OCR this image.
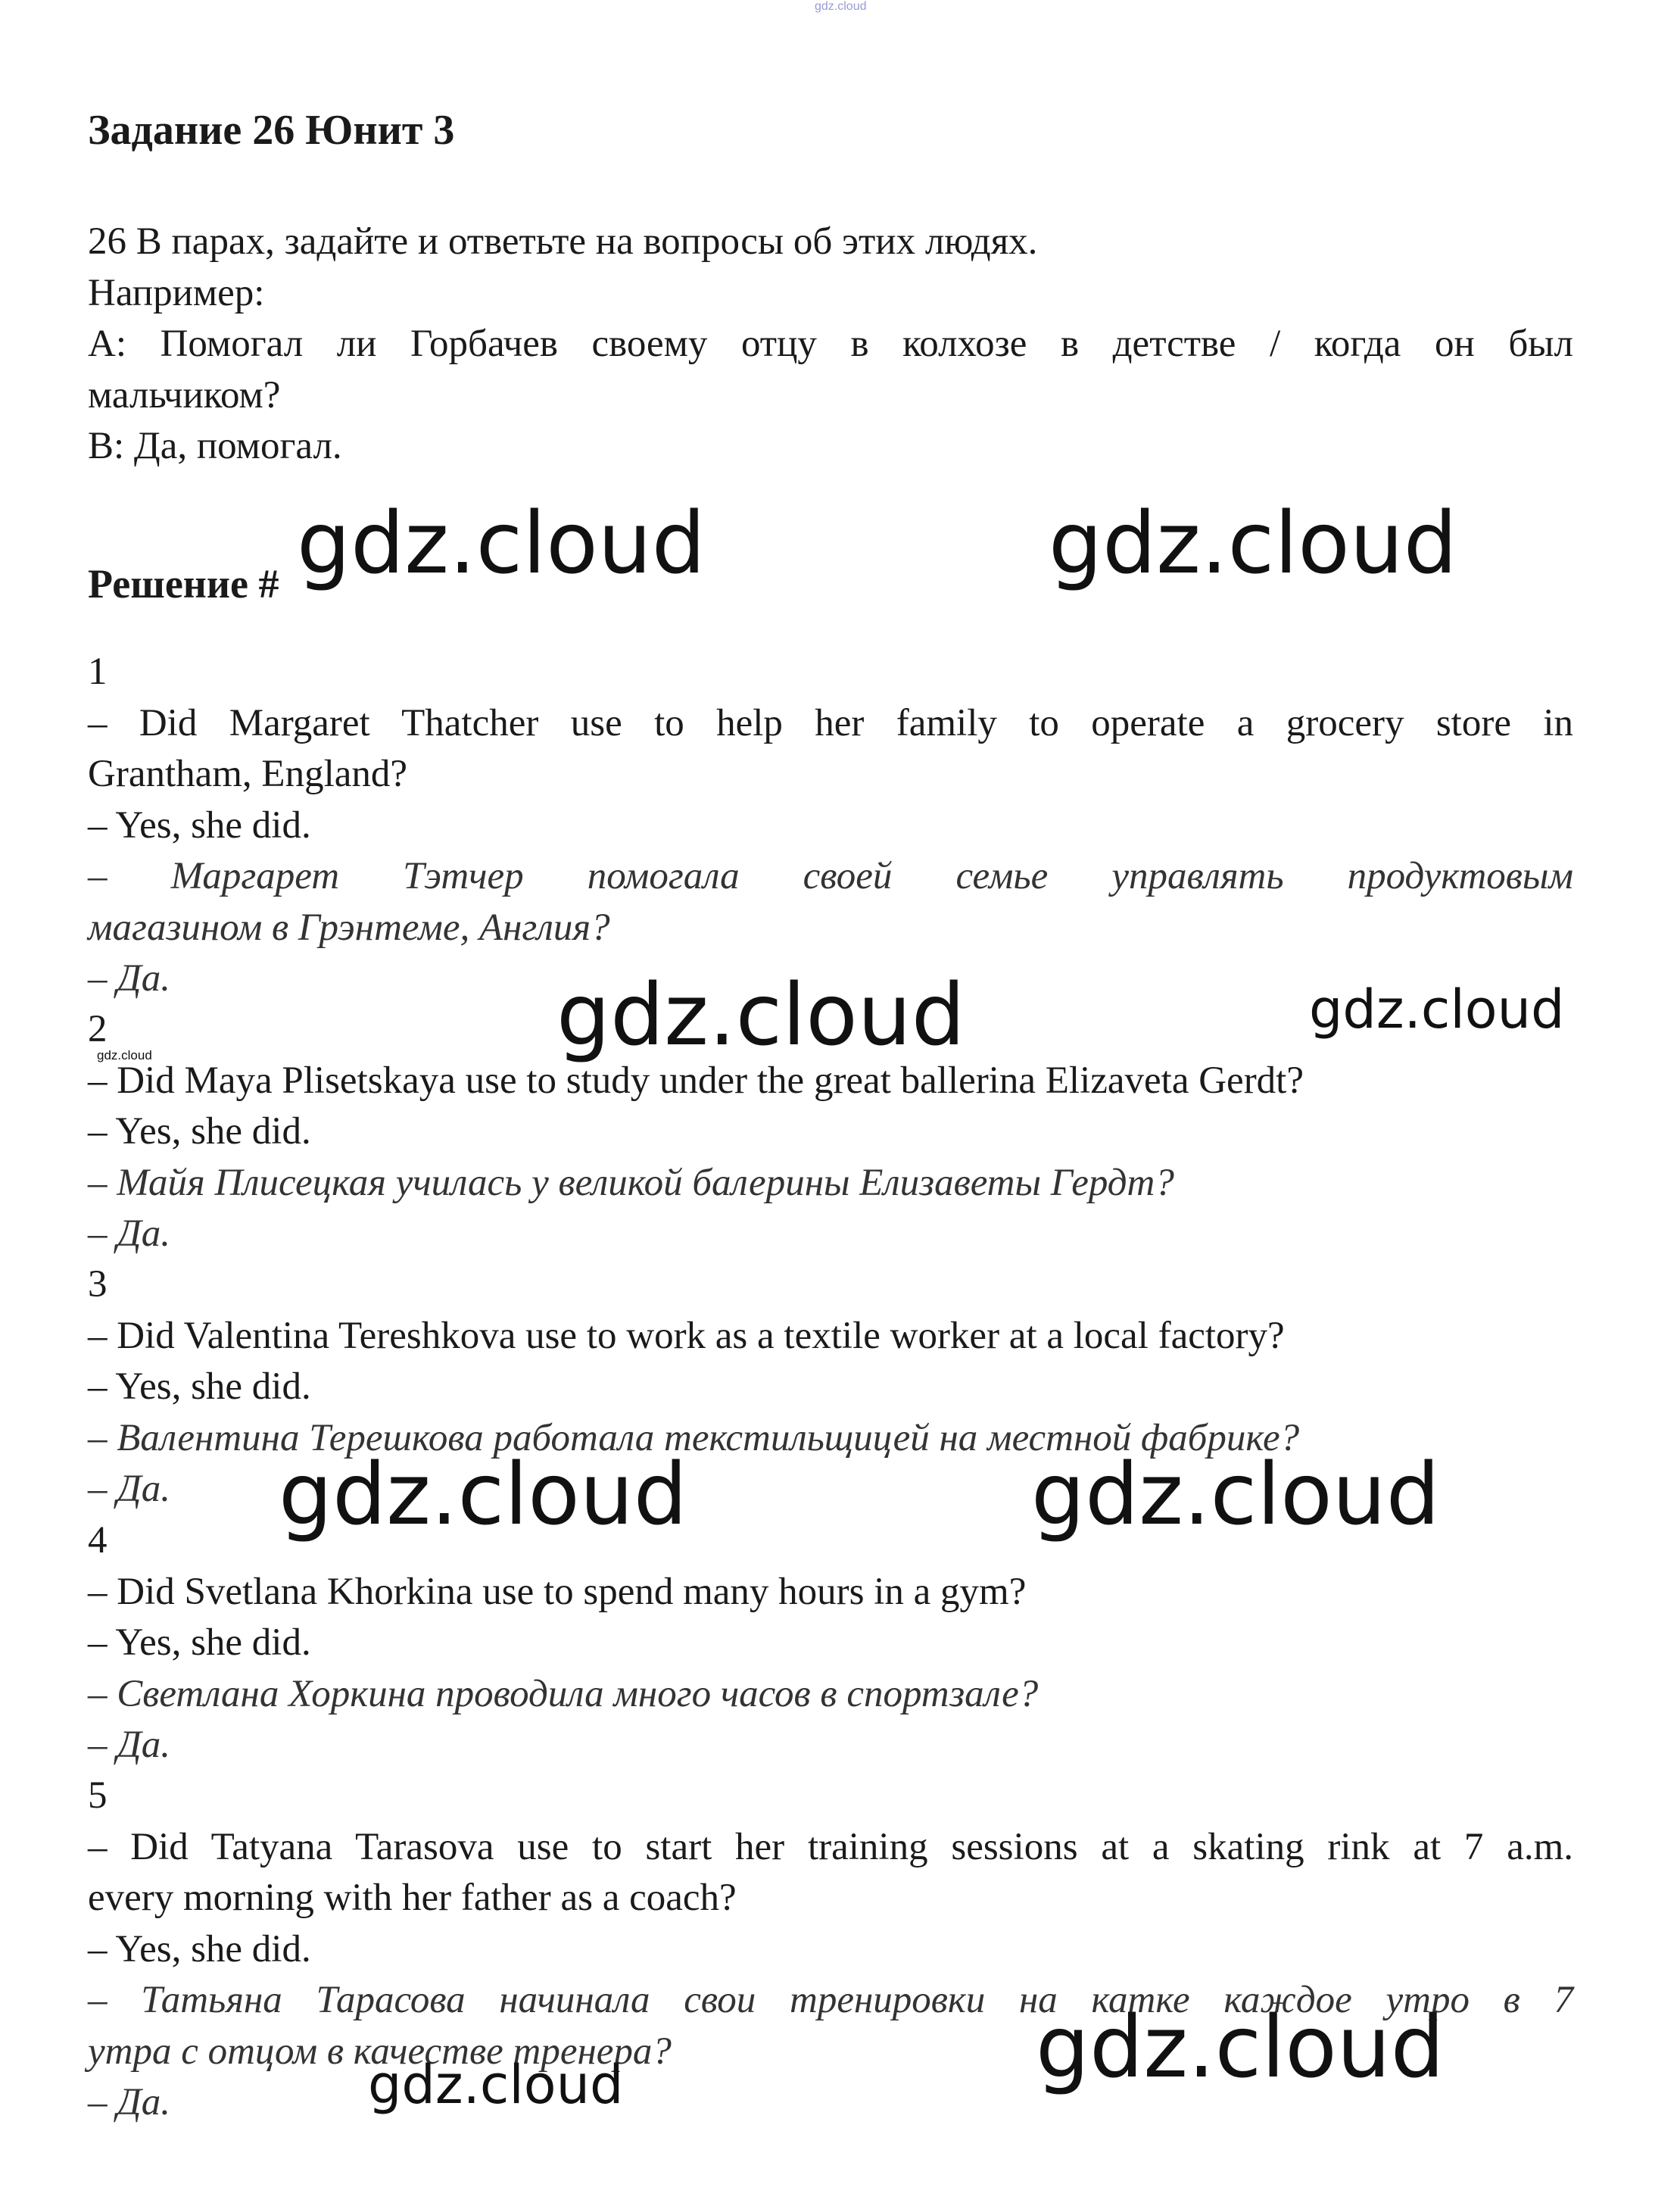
gdz.cloud
Задание 26 Юнит 3
26 В парах, задайте и ответьте на вопросы об этих людях.
Например:
А: Помогал ли Горбачев своему отцу в колхозе в детстве / когда он был
мальчиком?
В: Да, помогал.
Решение #
1
– Did Margaret Thatcher use to help her family to operate a grocery store in
Grantham, England?
– Yes, she did.
– Маргарет Тэтчер помогала своей семье управлять продуктовым
магазином в Грэнтеме, Англия?
– Да.
2
– Did Maya Plisetskaya use to study under the great ballerina Elizaveta Gerdt?
– Yes, she did.
– Майя Плисецкая училась у великой балерины Елизаветы Гердт?
– Да.
3
– Did Valentina Tereshkova use to work as a textile worker at a local factory?
– Yes, she did.
– Валентина Терешкова работала текстильщицей на местной фабрике?
– Да.
4
– Did Svetlana Khorkina use to spend many hours in a gym?
– Yes, she did.
– Светлана Хоркина проводила много часов в спортзале?
– Да.
5
– Did Tatyana Tarasova use to start her training sessions at a skating rink at 7 a.m.
every morning with her father as a coach?
– Yes, she did.
– Татьяна Тарасова начинала свои тренировки на катке каждое утро в 7
утра с отцом в качестве тренера?
– Да.
gdz.cloud	gdz.cloud
gdz.cloud	gdz.cloud
gdz.cloud
gdz.cloud	gdz.cloud
gdz.cloud
gdz.cloud
